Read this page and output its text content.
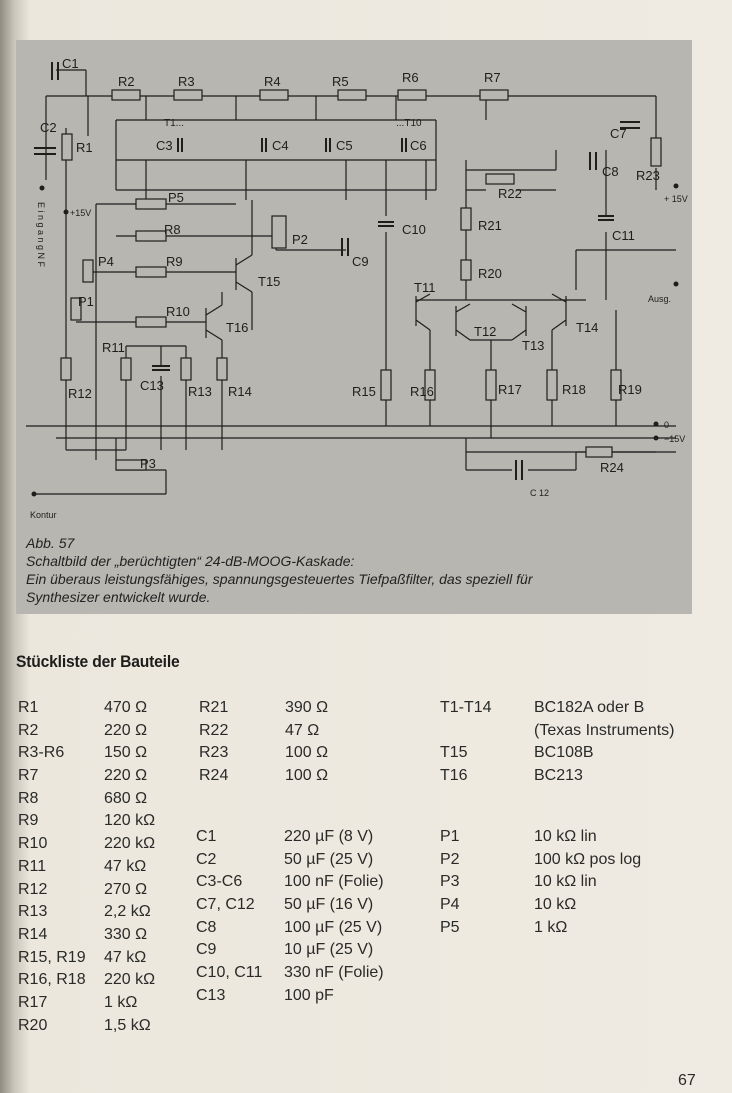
C1
R2	R3	R4	R5	R6	R7
C2
R1
T1...	...T10
C3	C4	C5	C6
C7
C8 R23
R22
P5
R8
P2
C9
C10	R21
C11
P4	R9
T15
R20
P1
R10
T16
T11
T12
T13
T14
R11
C13 R13 R14
R12	R15	R16	R17	R18 R19
P3	R24
C 12
+15V
+ 15V
0
−15V
Ausg.
Kontur
E i n g a n g N F
Abb. 57
Schaltbild der „berüchtigten“ 24-dB-MOOG-Kaskade:
Ein überaus leistungsfähiges, spannungsgesteuertes Tiefpaßfilter, das speziell für
Synthesizer entwickelt wurde.
Stückliste der Bauteile
R1	470 Ω
R2	220 Ω
R3-R6 150 Ω
R7	220 Ω
R8	680 Ω
R9	120 kΩ
R10	220 kΩ
R11	47 kΩ
R12	270 Ω
R13	2,2 kΩ
R14	330 Ω
R15, R19 47 kΩ
R16, R18 220 kΩ
R17	1 kΩ
R20	1,5 kΩ
R21	390 Ω
R22	47 Ω
R23	100 Ω
R24	100 Ω
C1	220 µF (8 V)
C2	50 µF (25 V)
C3-C6	100 nF (Folie)
C7, C12 50 µF (16 V)
C8	100 µF (25 V)
C9	10 µF (25 V)
C10, C11 330 nF (Folie)
C13	100 pF
T1-T14	BC182A oder B
(Texas Instruments)
T15	BC108B
T16	BC213
P1	10 kΩ lin
P2	100 kΩ pos log
P3	10 kΩ lin
P4	10 kΩ
P5	1 kΩ
67
